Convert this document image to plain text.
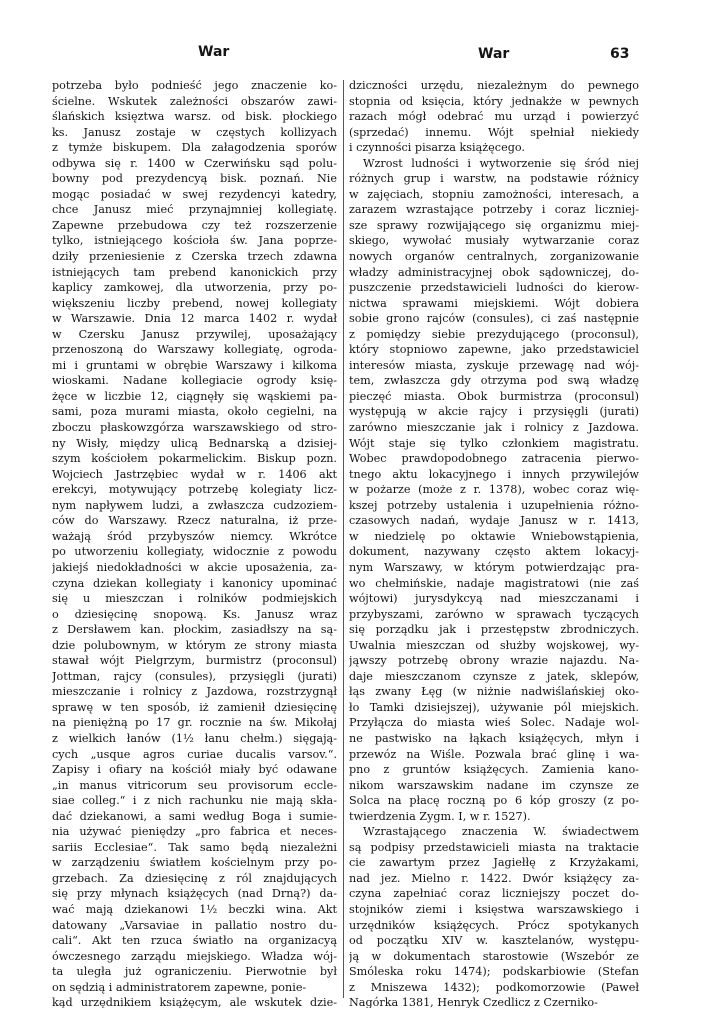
War	War	63
potrzeba było podnieść jego znaczenie ko-
ścielne. Wskutek zależności obszarów zawi-
ślańskich księztwa warsz. od bisk. płockiego
ks. Janusz zostaje w częstych kollizyach
z tymże biskupem. Dla załagodzenia sporów
odbywa się r. 1400 w Czerwińsku sąd polu-
bowny pod prezydencyą bisk. poznań. Nie
mogąc posiadać w swej rezydencyi katedry,
chce Janusz mieć przynajmniej kollegiatę.
Zapewne przebudowa czy też rozszerzenie
tylko, istniejącego kościoła św. Jana poprze-
dziły przeniesienie z Czerska trzech zdawna
istniejących tam prebend kanonickich przy
kaplicy zamkowej, dla utworzenia, przy po-
większeniu liczby prebend, nowej kollegiaty
w Warszawie. Dnia 12 marca 1402 r. wydał
w Czersku Janusz przywilej, uposażający
przenoszoną do Warszawy kollegiatę, ogroda-
mi i gruntami w obrębie Warszawy i kilkoma
wioskami. Nadane kollegiacie ogrody księ-
żęce w liczbie 12, ciągnęły się wąskiemi pa-
sami, poza murami miasta, około cegielni, na
zboczu płaskowzgórza warszawskiego od stro-
ny Wisły, między ulicą Bednarską a dzisiej-
szym kościołem pokarmelickim. Biskup pozn.
Wojciech Jastrzębiec wydał w r. 1406 akt
erekcyi, motywujący potrzebę kolegiaty licz-
nym napływem ludzi, a zwłaszcza cudzoziem-
ców do Warszawy. Rzecz naturalna, iż prze-
ważają śród przybyszów niemcy. Wkrótce
po utworzeniu kollegiaty, widocznie z powodu
jakiejś niedokładności w akcie uposażenia, za-
czyna dziekan kollegiaty i kanonicy upominać
się u mieszczan i rolników podmiejskich
o dziesięcinę snopową. Ks. Janusz wraz
z Dersławem kan. płockim, zasiadłszy na są-
dzie polubownym, w którym ze strony miasta
stawał wójt Pielgrzym, burmistrz (proconsul)
Jottman, rajcy (consules), przysięgli (jurati)
mieszczanie i rolnicy z Jazdowa, rozstrzygnął
sprawę w ten sposób, iż zamienił dziesięcinę
na pieniężną po 17 gr. rocznie na św. Mikołaj
z wielkich łanów (1½ łanu chełm.) sięgają-
cych „usque agros curiae ducalis varsov.“.
Zapisy i ofiary na kościół miały być odawane
„in manus vitricorum seu provisorum eccle-
siae colleg.“ i z nich rachunku nie mają skła-
dać dziekanowi, a sami według Boga i sumie-
nia używać pieniędzy „pro fabrica et neces-
sariis Ecclesiae“. Tak samo będą niezależni
w zarządzeniu światłem kościelnym przy po-
grzebach. Za dziesięcinę z ról znajdujących
się przy młynach książęcych (nad Drną?) da-
wać mają dziekanowi 1½ beczki wina. Akt
datowany „Varsaviae in pallatio nostro du-
cali“. Akt ten rzuca światło na organizacyą
ówczesnego zarządu miejskiego. Władza wój-
ta uległa już ograniczeniu. Pierwotnie był
on sędzią i administratorem zapewne, ponie-
kąd urzędnikiem książęcym, ale wskutek dzie-
dziczności urzędu, niezależnym do pewnego
stopnia od księcia, który jednakże w pewnych
razach mógł odebrać mu urząd i powierzyć
(sprzedać) innemu. Wójt spełniał niekiedy
i czynności pisarza książęcego.
Wzrost ludności i wytworzenie się śród niej
różnych grup i warstw, na podstawie różnicy
w zajęciach, stopniu zamożności, interesach, a
zarazem wzrastające potrzeby i coraz liczniej-
sze sprawy rozwijającego się organizmu miej-
skiego, wywołać musiały wytwarzanie coraz
nowych organów centralnych, zorganizowanie
władzy administracyjnej obok sądowniczej, do-
puszczenie przedstawicieli ludności do kierow-
nictwa sprawami miejskiemi. Wójt dobiera
sobie grono rajców (consules), ci zaś następnie
z pomiędzy siebie prezydującego (proconsul),
który stopniowo zapewne, jako przedstawiciel
interesów miasta, zyskuje przewagę nad wój-
tem, zwłaszcza gdy otrzyma pod swą władzę
pieczęć miasta. Obok burmistrza (proconsul)
występują w akcie rajcy i przysięgli (jurati)
zarówno mieszczanie jak i rolnicy z Jazdowa.
Wójt staje się tylko członkiem magistratu.
Wobec prawdopodobnego zatracenia pierwo-
tnego aktu lokacyjnego i innych przywilejów
w pożarze (może z r. 1378), wobec coraz wię-
kszej potrzeby ustalenia i uzupełnienia różno-
czasowych nadań, wydaje Janusz w r. 1413,
w niedzielę po oktawie Wniebowstąpienia,
dokument, nazywany często aktem lokacyj-
nym Warszawy, w którym potwierdzając pra-
wo chełmińskie, nadaje magistratowi (nie zaś
wójtowi) jurysdykcyą nad mieszczanami i
przybyszami, zarówno w sprawach tyczących
się porządku jak i przestępstw zbrodniczych.
Uwalnia mieszczan od służby wojskowej, wy-
jąwszy potrzebę obrony wrazie najazdu. Na-
daje mieszczanom czynsze z jatek, sklepów,
łąs zwany Łęg (w niżnie nadwiślańskiej oko-
ło Tamki dzisiejszej), używanie pól miejskich.
Przyłącza do miasta wieś Solec. Nadaje wol-
ne pastwisko na łąkach książęcych, młyn i
przewóz na Wiśle. Pozwala brać glinę i wa-
pno z gruntów książęcych. Zamienia kano-
nikom warszawskim nadane im czynsze ze
Solca na płacę roczną po 6 kóp groszy (z po-
twierdzenia Zygm. I, w r. 1527).
Wzrastającego znaczenia W. świadectwem
są podpisy przedstawicieli miasta na traktacie
cie zawartym przez Jagiełłę z Krzyżakami,
nad jez. Mielno r. 1422. Dwór książęcy za-
czyna zapełniać coraz liczniejszy poczet do-
stojników ziemi i księstwa warszawskiego i
urzędników książęcych. Prócz spotykanych
od początku XIV w. kasztelanów, występu-
ją w dokumentach starostowie (Wszebór ze
Smóleska roku 1474); podskarbiowie (Stefan
z Mniszewa 1432); podkomorzowie (Paweł
Nagórka 1381, Henryk Czedlicz z Czerniko-
